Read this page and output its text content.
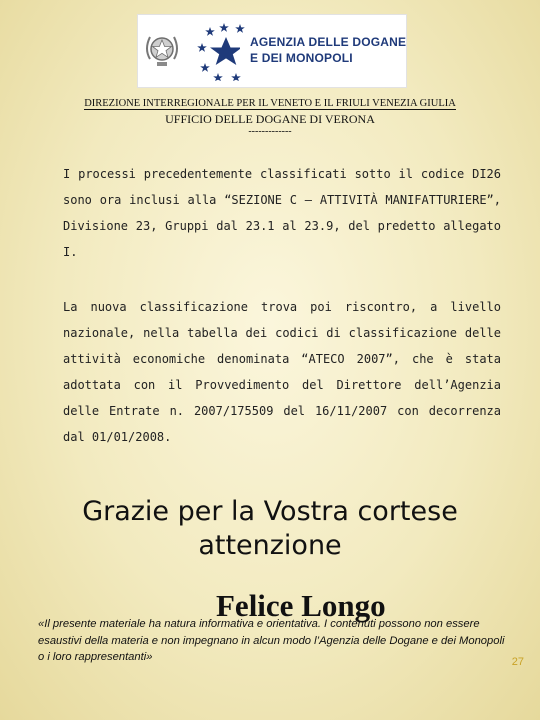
AGENZIA DELLE DOGANE
E DEI MONOPOLI
DIREZIONE INTERREGIONALE PER IL VENETO E IL FRIULI VENEZIA GIULIA
UFFICIO DELLE DOGANE DI VERONA
-------------

I processi precedentemente classificati sotto il codice DI26 sono ora inclusi alla “SEZIONE C – ATTIVITÀ MANIFATTURIERE”, Divisione 23, Gruppi dal 23.1 al 23.9, del predetto allegato I.

La nuova classificazione trova poi riscontro, a livello nazionale, nella tabella dei codici di classificazione delle attività economiche denominata “ATECO 2007”, che è stata adottata con il Provvedimento del Direttore dell’Agenzia delle Entrate n. 2007/175509 del 16/11/2007 con decorrenza dal 01/01/2008.

Grazie per la Vostra cortese attenzione
«Il presente materiale ha natura informativa e orientativa. I contenuti possono non essere esaustivi della materia e non impegnano in alcun modo l’Agenzia delle Dogane e dei Monopoli o i loro rappresentanti»
Felice Longo
27
